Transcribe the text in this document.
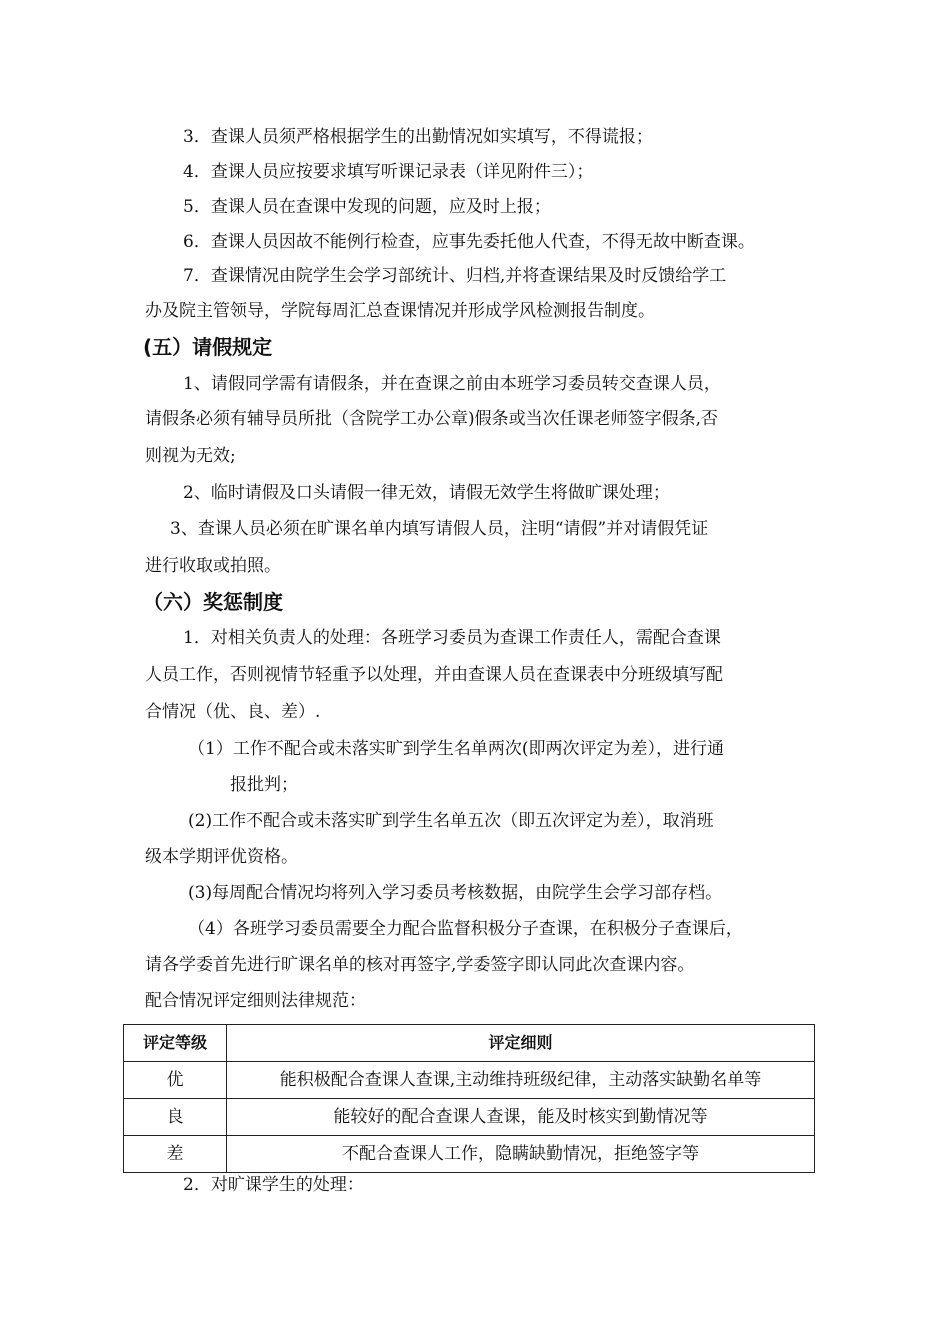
3．查课人员须严格根据学生的出勤情况如实填写，不得谎报；
4．查课人员应按要求填写听课记录表（详见附件三）；
5．查课人员在查课中发现的问题，应及时上报；
6．查课人员因故不能例行检查，应事先委托他人代查，不得无故中断查课。
7．查课情况由院学生会学习部统计、归档,并将查课结果及时反馈给学工
办及院主管领导，学院每周汇总查课情况并形成学风检测报告制度。
(五）请假规定
1、请假同学需有请假条，并在查课之前由本班学习委员转交查课人员，
请假条必须有辅导员所批（含院学工办公章)假条或当次任课老师签字假条,否
则视为无效;
2、临时请假及口头请假一律无效，请假无效学生将做旷课处理；
3、查课人员必须在旷课名单内填写请假人员，注明“请假”并对请假凭证
进行收取或拍照。
（六）奖惩制度
1．对相关负责人的处理：各班学习委员为查课工作责任人，需配合查课
人员工作，否则视情节轻重予以处理，并由查课人员在查课表中分班级填写配
合情况（优、良、差）.
（1）工作不配合或未落实旷到学生名单两次(即两次评定为差），进行通
报批判；
(2)工作不配合或未落实旷到学生名单五次（即五次评定为差），取消班
级本学期评优资格。
(3)每周配合情况均将列入学习委员考核数据，由院学生会学习部存档。
（4）各班学习委员需要全力配合监督积极分子查课，在积极分子查课后，
请各学委首先进行旷课名单的核对再签字,学委签字即认同此次查课内容。
配合情况评定细则法律规范：
评定等级	评定细则
优	能积极配合查课人查课,主动维持班级纪律，主动落实缺勤名单等
良	能较好的配合查课人查课，能及时核实到勤情况等
差	不配合查课人工作，隐瞒缺勤情况，拒绝签字等
2．对旷课学生的处理：
